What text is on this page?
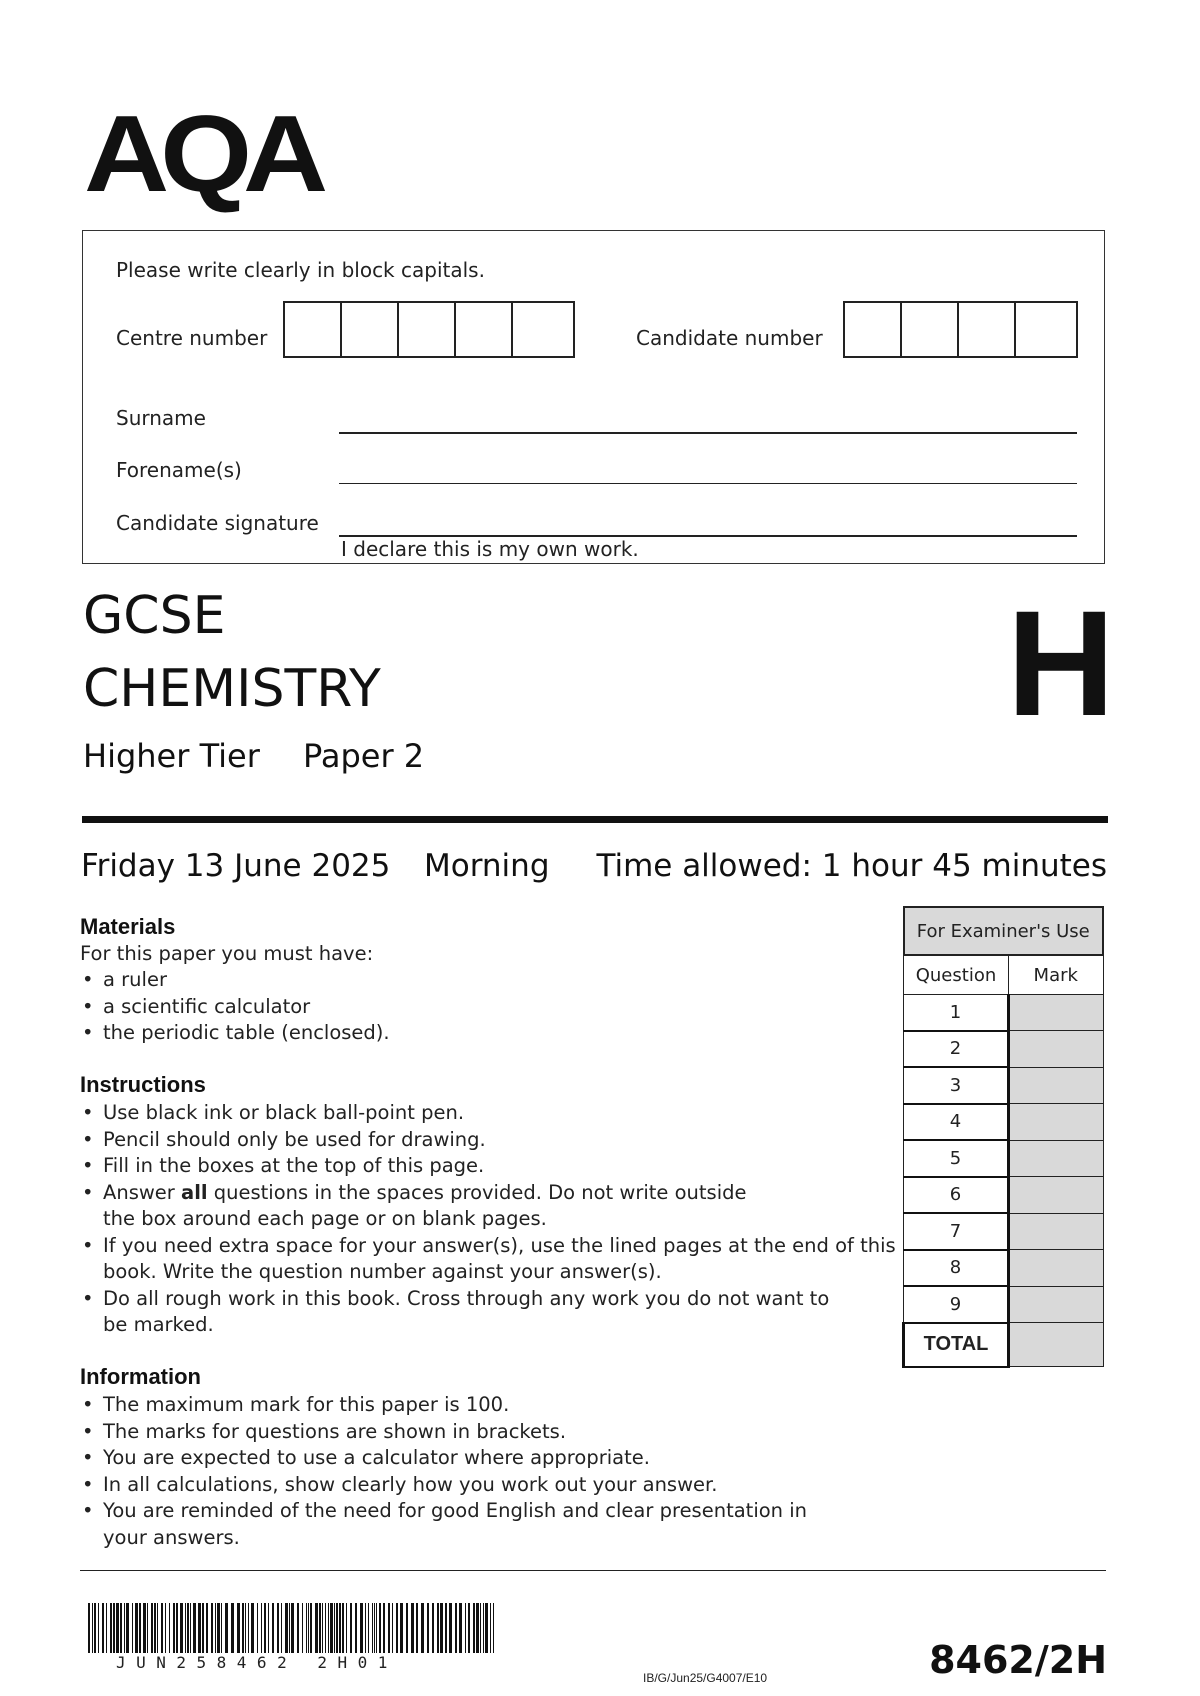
AQA
Please write clearly in block capitals.
Centre number	Candidate number
Surname
Forename(s)
Candidate signature
I declare this is my own work.
GCSE
CHEMISTRY
Higher Tier Paper 2
H
Friday 13 June 2025 Morning Time allowed: 1 hour 45 minutes

Materials

For this paper you must have:

• a ruler
• a scientific calculator
• the periodic table (enclosed).

Instructions

• Use black ink or black ball-point pen.
• Pencil should only be used for drawing.
• Fill in the boxes at the top of this page.
• Answer all questions in the spaces provided. Do not write outside
the box around each page or on blank pages.
• If you need extra space for your answer(s), use the lined pages at the end of this book. Write the question number against your answer(s).
• Do all rough work in this book. Cross through any work you do not want to be marked.

Information

• The maximum mark for this paper is 100.
• The marks for questions are shown in brackets.
• You are expected to use a calculator where appropriate.
• In all calculations, show clearly how you work out your answer.
• You are reminded of the need for good English and clear presentation in your answers.
For Examiner's Use	
Question	Mark
1	
2	
3	
4	
5	
6	
7	
8	
9	
TOTAL	
JUN258462 2H01
IB/G/Jun25/G4007/E10	8462/2H
